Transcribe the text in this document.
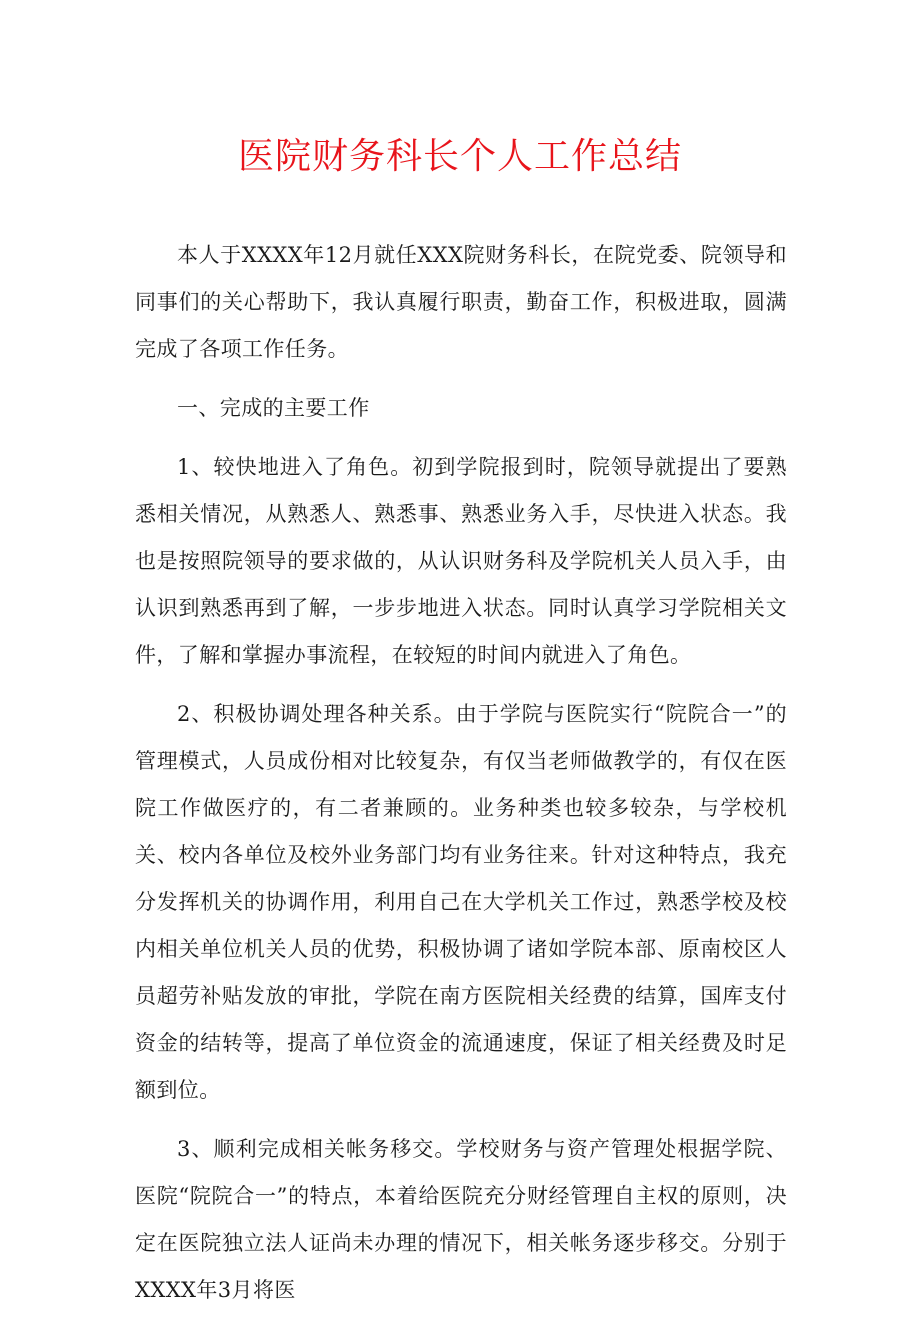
医院财务科长个人工作总结

本人于XXXX年12月就任XXX院财务科长，在院党委、院领导和同事们的关心帮助下，我认真履行职责，勤奋工作，积极进取，圆满完成了各项工作任务。

一、完成的主要工作

1、较快地进入了角色。初到学院报到时，院领导就提出了要熟悉相关情况，从熟悉人、熟悉事、熟悉业务入手，尽快进入状态。我也是按照院领导的要求做的，从认识财务科及学院机关人员入手，由认识到熟悉再到了解，一步步地进入状态。同时认真学习学院相关文件，了解和掌握办事流程，在较短的时间内就进入了角色。

2、积极协调处理各种关系。由于学院与医院实行“院院合一”的管理模式，人员成份相对比较复杂，有仅当老师做教学的，有仅在医院工作做医疗的，有二者兼顾的。业务种类也较多较杂，与学校机关、校内各单位及校外业务部门均有业务往来。针对这种特点，我充分发挥机关的协调作用，利用自己在大学机关工作过，熟悉学校及校内相关单位机关人员的优势，积极协调了诸如学院本部、原南校区人员超劳补贴发放的审批，学院在南方医院相关经费的结算，国库支付资金的结转等，提高了单位资金的流通速度，保证了相关经费及时足额到位。

3、顺利完成相关帐务移交。学校财务与资产管理处根据学院、医院“院院合一”的特点，本着给医院充分财经管理自主权的原则，决定在医院独立法人证尚未办理的情况下，相关帐务逐步移交。分别于XXXX年3月将医
